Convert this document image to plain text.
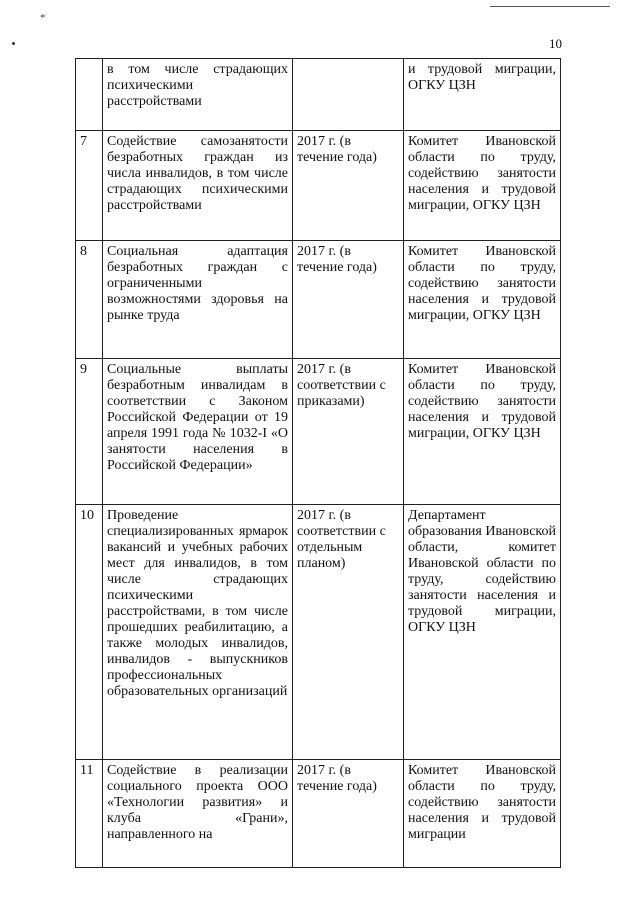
*
10
	в том числе страдающих психическими расстройствами		и трудовой миграции, ОГКУ ЦЗН
7	Содействие самозанятости безработных граждан из числа инвалидов, в том числе страдающих психическими расстройствами	2017 г. (в течение года)	Комитет Ивановской области по труду, содействию занятости населения и трудовой миграции, ОГКУ ЦЗН
8	Социальная адаптация безработных граждан с ограниченными возможностями здоровья на рынке труда	2017 г. (в течение года)	Комитет Ивановской области по труду, содействию занятости населения и трудовой миграции, ОГКУ ЦЗН
9	Социальные выплаты безработным инвалидам в соответствии с Законом Российской Федерации от 19 апреля 1991 года № 1032-I «О занятости населения в Российской Федерации»	2017 г. (в соответствии с приказами)	Комитет Ивановской области по труду, содействию занятости населения и трудовой миграции, ОГКУ ЦЗН
10	Проведение специализированных ярмарок вакансий и учебных рабочих мест для инвалидов, в том числе страдающих психическими расстройствами, в том числе прошедших реабилитацию, а также молодых инвалидов, инвалидов - выпускников профессиональных образовательных организаций	2017 г. (в соответствии с отдельным планом)	Департамент образования Ивановской области, комитет Ивановской области по труду, содействию занятости населения и трудовой миграции, ОГКУ ЦЗН
11	Содействие в реализации социального проекта ООО «Технологии развития» и клуба «Грани», направленного на	2017 г. (в течение года)	Комитет Ивановской области по труду, содействию занятости населения и трудовой миграции
